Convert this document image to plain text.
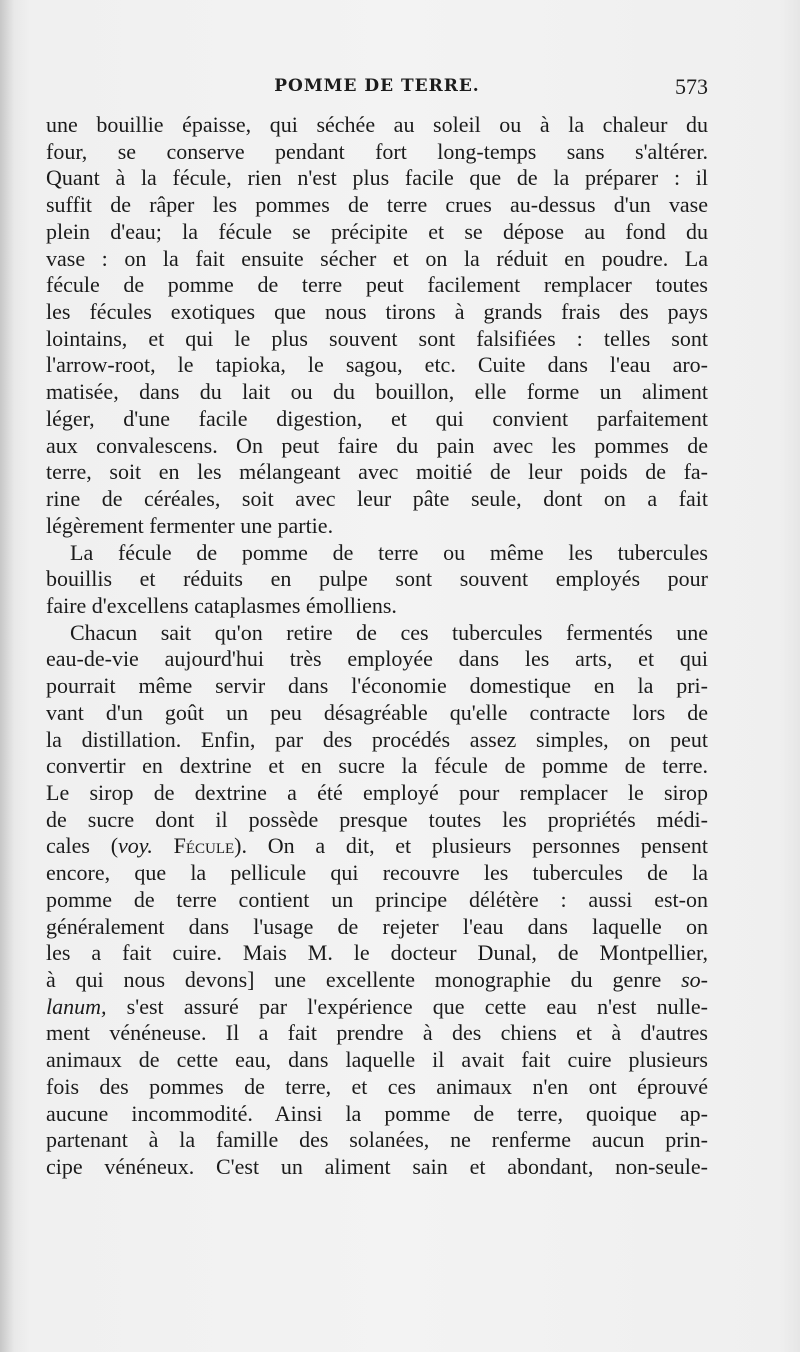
POMME DE TERRE.	573
une bouillie épaisse, qui séchée au soleil ou à la chaleur du
four, se conserve pendant fort long-temps sans s'altérer.
Quant à la fécule, rien n'est plus facile que de la préparer : il
suffit de râper les pommes de terre crues au-dessus d'un vase
plein d'eau; la fécule se précipite et se dépose au fond du
vase : on la fait ensuite sécher et on la réduit en poudre. La
fécule de pomme de terre peut facilement remplacer toutes
les fécules exotiques que nous tirons à grands frais des pays
lointains, et qui le plus souvent sont falsifiées : telles sont
l'arrow-root, le tapioka, le sagou, etc. Cuite dans l'eau aro-
matisée, dans du lait ou du bouillon, elle forme un aliment
léger, d'une facile digestion, et qui convient parfaitement
aux convalescens. On peut faire du pain avec les pommes de
terre, soit en les mélangeant avec moitié de leur poids de fa-
rine de céréales, soit avec leur pâte seule, dont on a fait
légèrement fermenter une partie.
La fécule de pomme de terre ou même les tubercules
bouillis et réduits en pulpe sont souvent employés pour
faire d'excellens cataplasmes émolliens.
Chacun sait qu'on retire de ces tubercules fermentés une
eau-de-vie aujourd'hui très employée dans les arts, et qui
pourrait même servir dans l'économie domestique en la pri-
vant d'un goût un peu désagréable qu'elle contracte lors de
la distillation. Enfin, par des procédés assez simples, on peut
convertir en dextrine et en sucre la fécule de pomme de terre.
Le sirop de dextrine a été employé pour remplacer le sirop
de sucre dont il possède presque toutes les propriétés médi-
cales (voy. Fécule). On a dit, et plusieurs personnes pensent
encore, que la pellicule qui recouvre les tubercules de la
pomme de terre contient un principe délétère : aussi est-on
généralement dans l'usage de rejeter l'eau dans laquelle on
les a fait cuire. Mais M. le docteur Dunal, de Montpellier,
à qui nous devons] une excellente monographie du genre so-
lanum, s'est assuré par l'expérience que cette eau n'est nulle-
ment vénéneuse. Il a fait prendre à des chiens et à d'autres
animaux de cette eau, dans laquelle il avait fait cuire plusieurs
fois des pommes de terre, et ces animaux n'en ont éprouvé
aucune incommodité. Ainsi la pomme de terre, quoique ap-
partenant à la famille des solanées, ne renferme aucun prin-
cipe vénéneux. C'est un aliment sain et abondant, non-seule-
